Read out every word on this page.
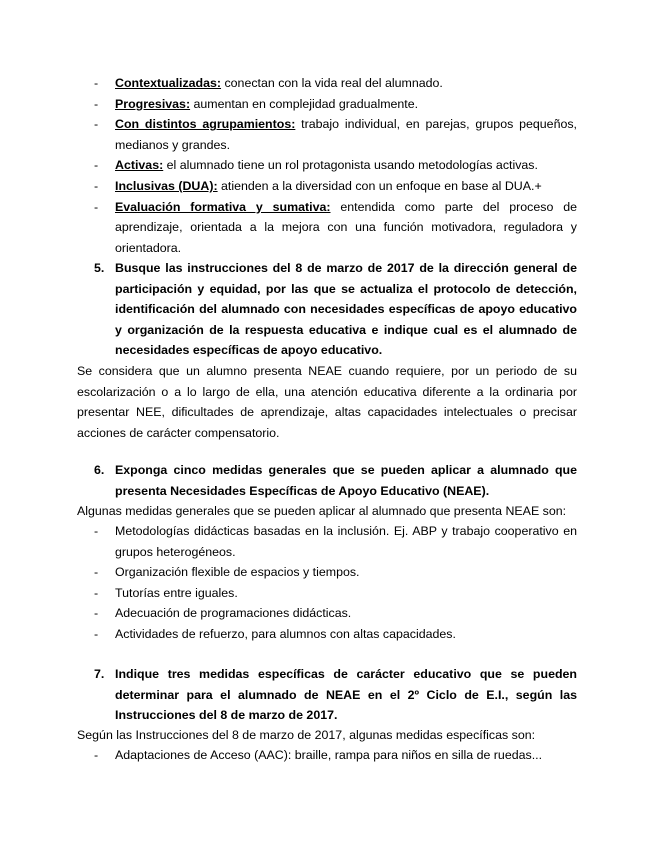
- Contextualizadas: conectan con la vida real del alumnado.
- Progresivas: aumentan en complejidad gradualmente.
- Con distintos agrupamientos: trabajo individual, en parejas, grupos pequeños, medianos y grandes.
- Activas: el alumnado tiene un rol protagonista usando metodologías activas.
- Inclusivas (DUA): atienden a la diversidad con un enfoque en base al DUA.+
- Evaluación formativa y sumativa: entendida como parte del proceso de aprendizaje, orientada a la mejora con una función motivadora, reguladora y orientadora.
5. Busque las instrucciones del 8 de marzo de 2017 de la dirección general de participación y equidad, por las que se actualiza el protocolo de detección, identificación del alumnado con necesidades específicas de apoyo educativo y organización de la respuesta educativa e indique cual es el alumnado de necesidades específicas de apoyo educativo.

Se considera que un alumno presenta NEAE cuando requiere, por un periodo de su escolarización o a lo largo de ella, una atención educativa diferente a la ordinaria por presentar NEE, dificultades de aprendizaje, altas capacidades intelectuales o precisar acciones de carácter compensatorio.

6. Exponga cinco medidas generales que se pueden aplicar a alumnado que presenta Necesidades Específicas de Apoyo Educativo (NEAE).

Algunas medidas generales que se pueden aplicar al alumnado que presenta NEAE son:

- Metodologías didácticas basadas en la inclusión. Ej. ABP y trabajo cooperativo en grupos heterogéneos.
- Organización flexible de espacios y tiempos.
- Tutorías entre iguales.
- Adecuación de programaciones didácticas.
- Actividades de refuerzo, para alumnos con altas capacidades.
7. Indique tres medidas específicas de carácter educativo que se pueden determinar para el alumnado de NEAE en el 2º Ciclo de E.I., según las Instrucciones del 8 de marzo de 2017.

Según las Instrucciones del 8 de marzo de 2017, algunas medidas específicas son:

- Adaptaciones de Acceso (AAC): braille, rampa para niños en silla de ruedas...
